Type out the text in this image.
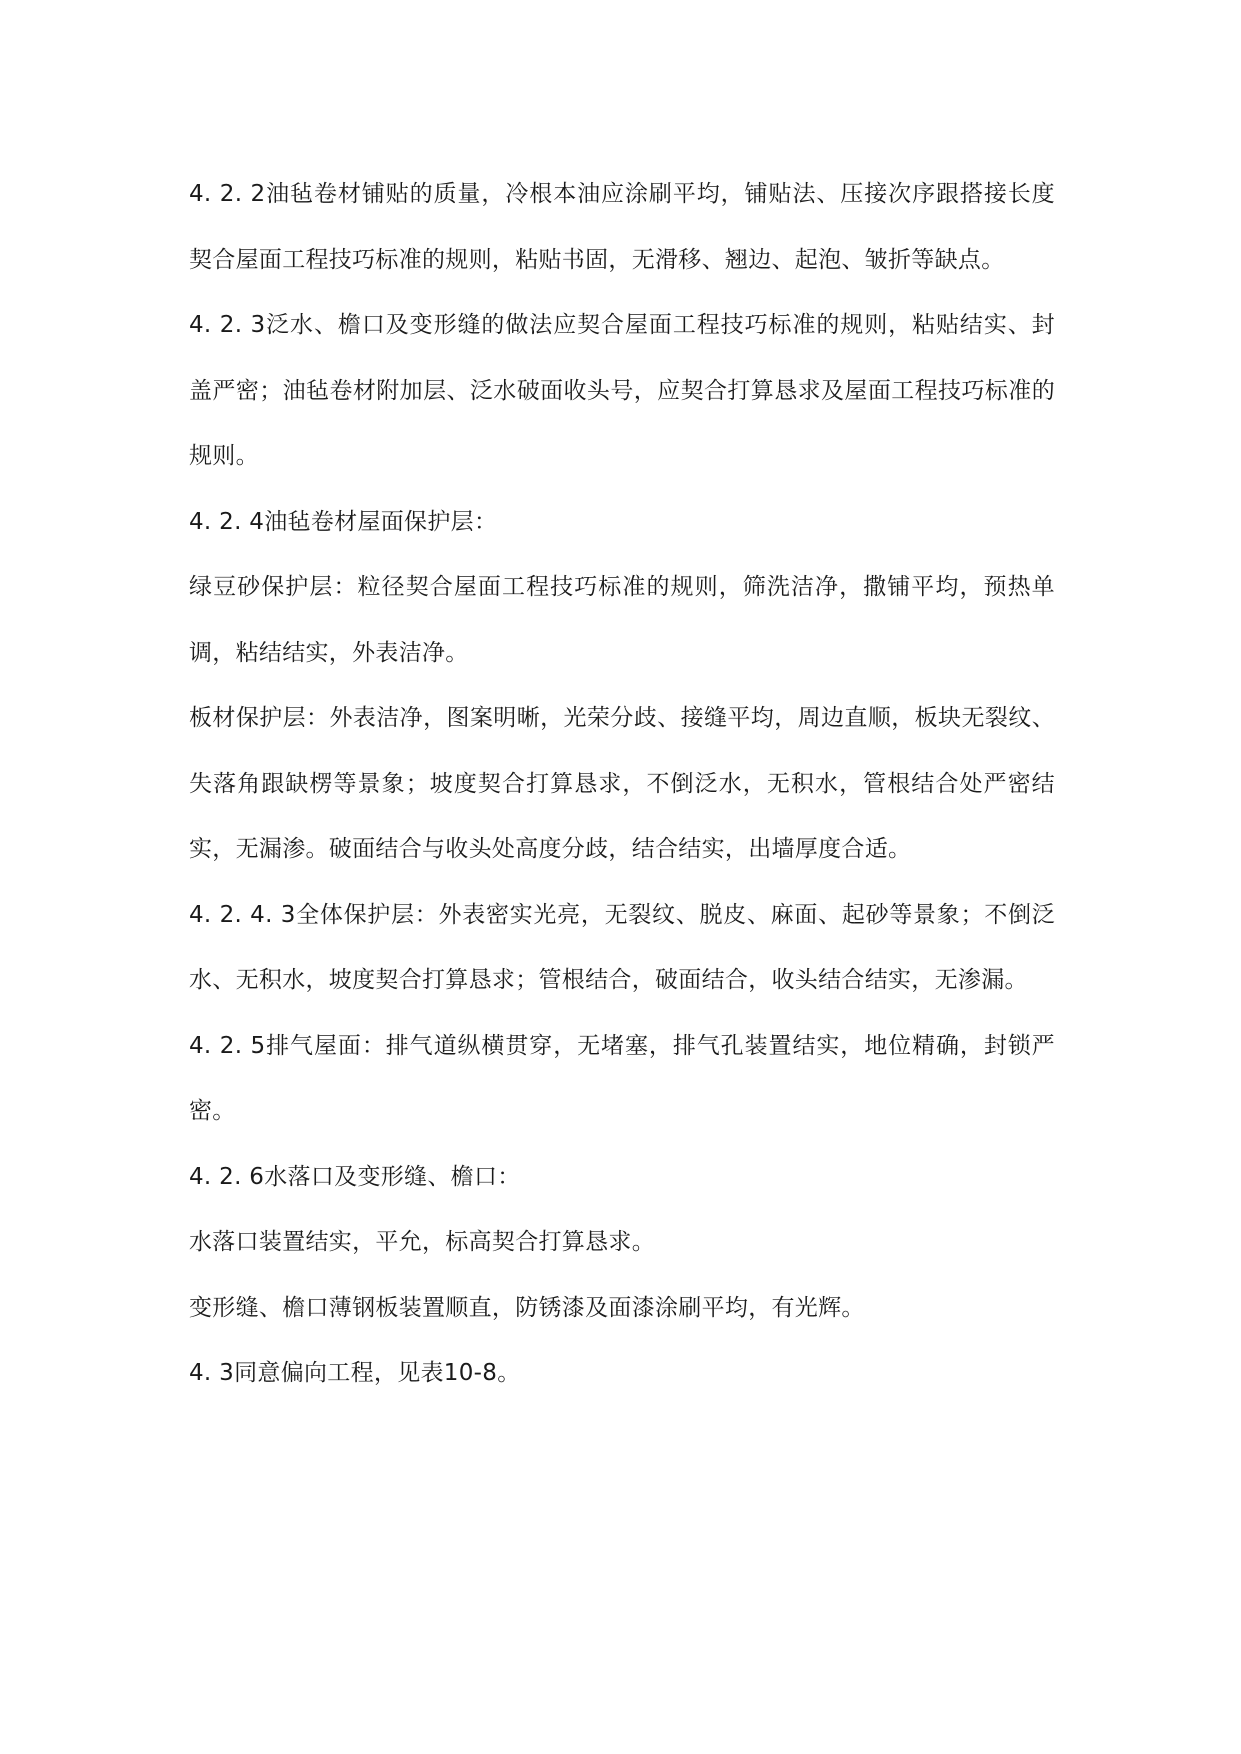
4. 2. 2油毡卷材铺贴的质量，冷根本油应涂刷平均，铺贴法、压接次序跟搭接长度契合屋面工程技巧标准的规则，粘贴书固，无滑移、翘边、起泡、皱折等缺点。

4. 2. 3泛水、檐口及变形缝的做法应契合屋面工程技巧标准的规则，粘贴结实、封盖严密；油毡卷材附加层、泛水破面收头号，应契合打算恳求及屋面工程技巧标准的规则。

4. 2. 4油毡卷材屋面保护层：

绿豆砂保护层：粒径契合屋面工程技巧标准的规则，筛洗洁净，撒铺平均，预热单调，粘结结实，外表洁净。

板材保护层：外表洁净，图案明晰，光荣分歧、接缝平均，周边直顺，板块无裂纹、失落角跟缺楞等景象；坡度契合打算恳求，不倒泛水，无积水，管根结合处严密结实，无漏渗。破面结合与收头处高度分歧，结合结实，出墙厚度合适。

4. 2. 4. 3全体保护层：外表密实光亮，无裂纹、脱皮、麻面、起砂等景象；不倒泛水、无积水，坡度契合打算恳求；管根结合，破面结合，收头结合结实，无渗漏。

4. 2. 5排气屋面：排气道纵横贯穿，无堵塞，排气孔装置结实，地位精确，封锁严密。

4. 2. 6水落口及变形缝、檐口：

水落口装置结实，平允，标高契合打算恳求。

变形缝、檐口薄钢板装置顺直，防锈漆及面漆涂刷平均，有光辉。

4. 3同意偏向工程，见表10-8。
